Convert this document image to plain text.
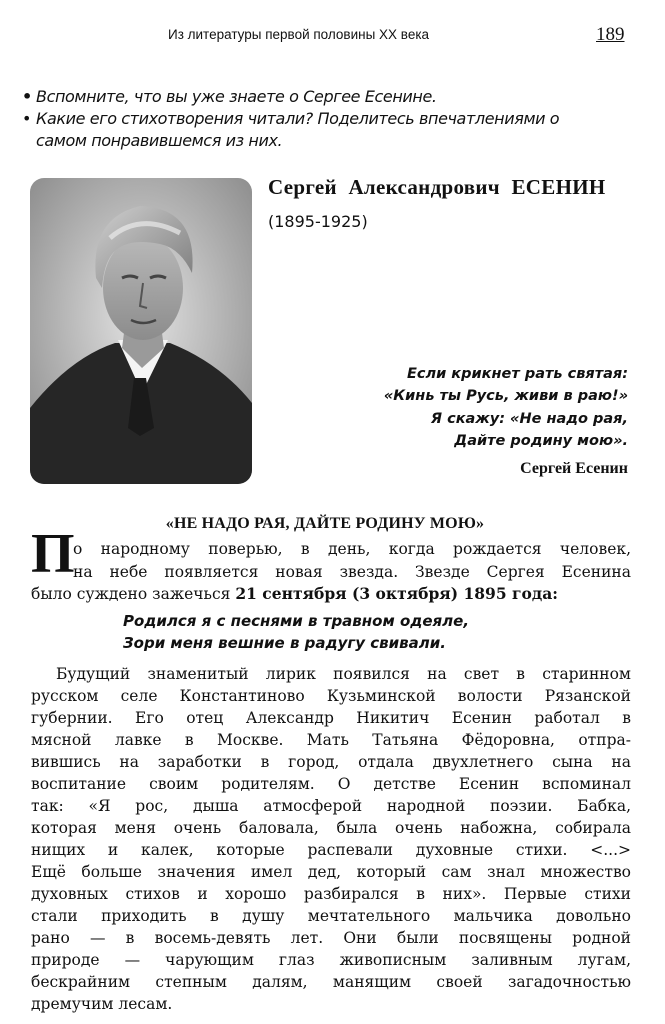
Из литературы первой половины XX века	189
• Вспомните, что вы уже знаете о Сергее Есенине.
• Какие его стихотворения читали? Поделитесь впечатлениями о
самом понравившемся из них.
Сергей Александрович ЕСЕНИН
(1895-1925)
Если крикнет рать святая:
«Кинь ты Русь, живи в раю!»
Я скажу: «Не надо рая,
Дайте родину мою».
Сергей Есенин
«НЕ НАДО РАЯ, ДАЙТЕ РОДИНУ МОЮ»
П
о народному поверью, в день, когда рождается человек,
на небе появляется новая звезда. Звезде Сергея Есенина
было суждено зажечься 21 сентября (3 октября) 1895 года:
Родился я с песнями в травном одеяле,
Зори меня вешние в радугу свивали.
Будущий знаменитый лирик появился на свет в старинном
русском селе Константиново Кузьминской волости Рязанской
губернии. Его отец Александр Никитич Есенин работал в
мясной лавке в Москве. Мать Татьяна Фёдоровна, отпра-
вившись на заработки в город, отдала двухлетнего сына на
воспитание своим родителям. О детстве Есенин вспоминал
так: «Я рос, дыша атмосферой народной поэзии. Бабка,
которая меня очень баловала, была очень набожна, собирала
нищих и калек, которые распевали духовные стихи. <...>
Ещё больше значения имел дед, который сам знал множество
духовных стихов и хорошо разбирался в них». Первые стихи
стали приходить в душу мечтательного мальчика довольно
рано — в восемь-девять лет. Они были посвящены родной
природе — чарующим глаз живописным заливным лугам,
бескрайним степным далям, манящим своей загадочностью
дремучим лесам.
